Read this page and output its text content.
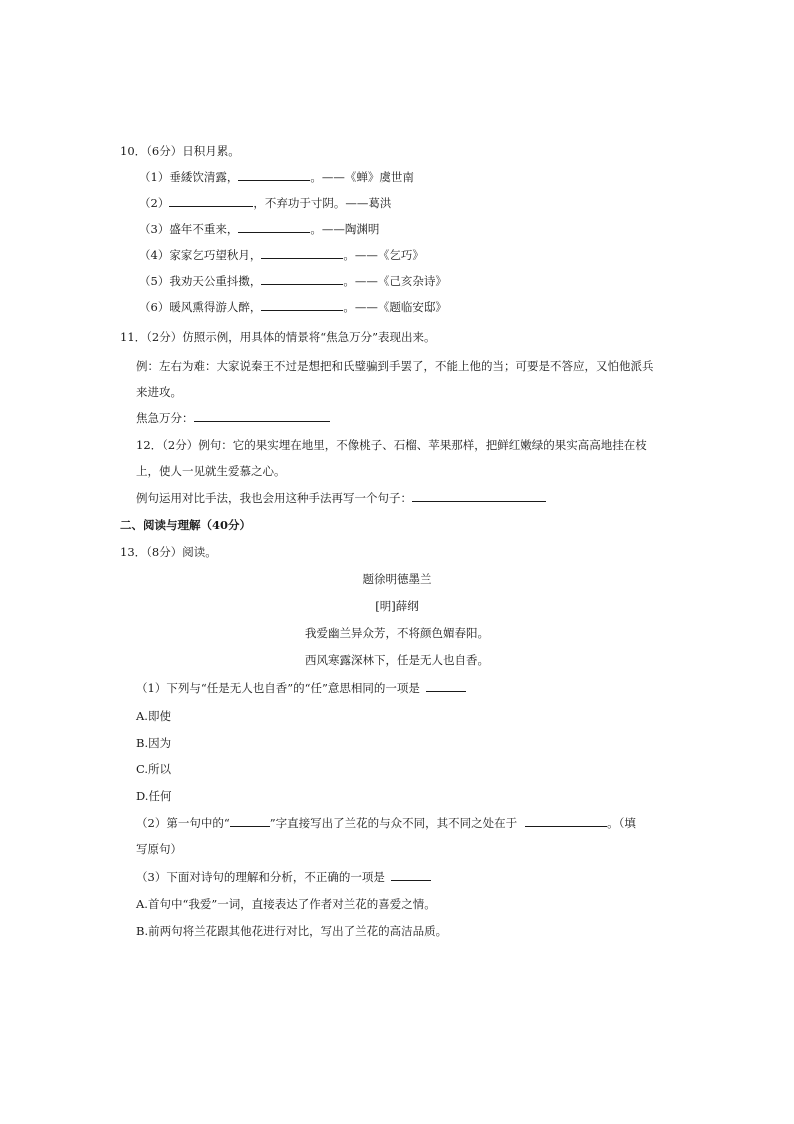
10．（6分）日积月累。
（1）垂緌饮清露，	。——《蝉》虞世南
（2）	，不弃功于寸阴。——葛洪
（3）盛年不重来，	。——陶渊明
（4）家家乞巧望秋月，	。——《乞巧》
（5）我劝天公重抖擞，	。——《己亥杂诗》
（6）暖风熏得游人醉，	。——《题临安邸》
11．（2分）仿照示例，用具体的情景将“焦急万分”表现出来。
例：左右为难：大家说秦王不过是想把和氏璧骗到手罢了，不能上他的当；可要是不答应，又怕他派兵
来进攻。
焦急万分：
12．（2分）例句：它的果实埋在地里，不像桃子、石榴、苹果那样，把鲜红嫩绿的果实高高地挂在枝
上，使人一见就生爱慕之心。
例句运用对比手法，我也会用这种手法再写一个句子：
二、阅读与理解（40分）
13．（8分）阅读。
题徐明德墨兰
[明]薛纲
我爱幽兰异众芳，不将颜色媚春阳。
西风寒露深林下，任是无人也自香。
（1）下列与“任是无人也自香”的“任”意思相同的一项是
A.即使
B.因为
C.所以
D.任何
（2）第一句中的“	”字直接写出了兰花的与众不同，其不同之处在于	。（填
写原句）
（3）下面对诗句的理解和分析，不正确的一项是
A.首句中“我爱”一词，直接表达了作者对兰花的喜爱之情。
B.前两句将兰花跟其他花进行对比，写出了兰花的高洁品质。
